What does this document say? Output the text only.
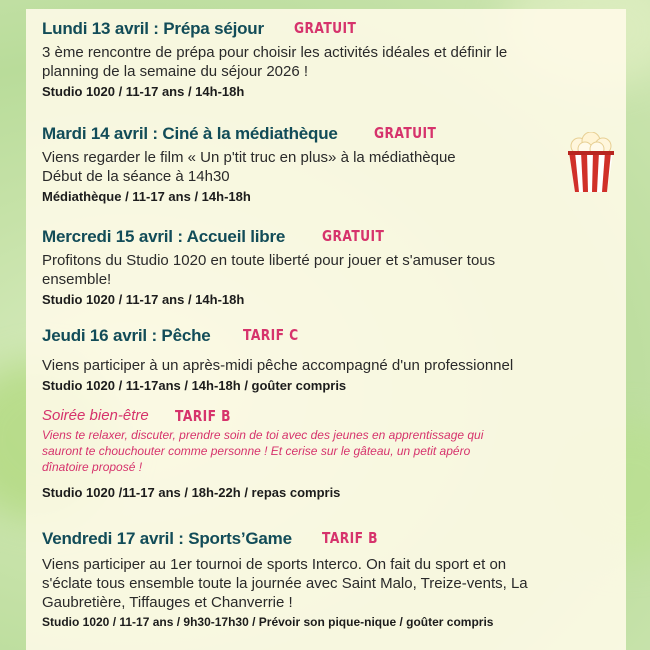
Lundi 13 avril : Prépa séjour	GRATUIT
3 ème rencontre de prépa pour choisir les activités idéales et définir le
planning de la semaine du séjour 2026 !
Studio 1020 / 11-17 ans / 14h-18h
Mardi 14 avril : Ciné à la médiathèque	GRATUIT
Viens regarder le film « Un p'tit truc en plus» à la médiathèque
Début de la séance à 14h30
Médiathèque / 11-17 ans / 14h-18h
Mercredi 15 avril : Accueil libre	GRATUIT
Profitons du Studio 1020 en toute liberté pour jouer et s'amuser tous
ensemble!
Studio 1020 / 11-17 ans / 14h-18h
Jeudi 16 avril : Pêche	TARIF C
Viens participer à un après-midi pêche accompagné d'un professionnel
Studio 1020 / 11-17ans / 14h-18h / goûter compris
Soirée bien-être	TARIF B
Viens te relaxer, discuter, prendre soin de toi avec des jeunes en apprentissage qui
sauront te chouchouter comme personne ! Et cerise sur le gâteau, un petit apéro
dînatoire proposé !
Studio 1020 /11-17 ans / 18h-22h / repas compris
Vendredi 17 avril : Sports’Game	TARIF B
Viens participer au 1er tournoi de sports Interco. On fait du sport et on
s'éclate tous ensemble toute la journée avec Saint Malo, Treize-vents, La
Gaubretière, Tiffauges et Chanverrie !
Studio 1020 / 11-17 ans / 9h30-17h30 / Prévoir son pique-nique / goûter compris
